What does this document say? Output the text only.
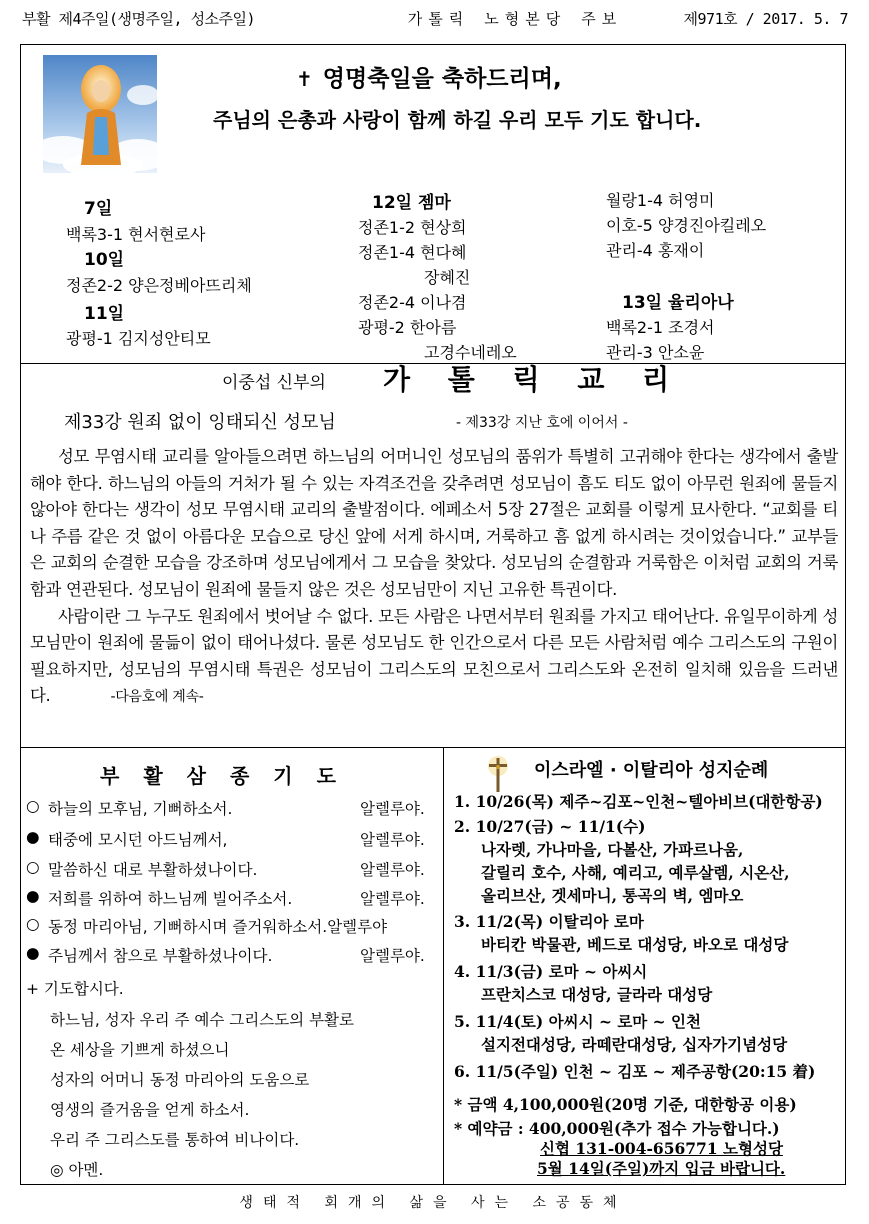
부활 제4주일(생명주일, 성소주일)	가톨릭 노형본당 주보	제971호 / 2017. 5. 7
✝ 영명축일을 축하드리며,
주님의 은총과 사랑이 함께 하길 우리 모두 기도 합니다.
7일
백록3-1 현서현로사
10일
정존2-2 양은정베아뜨리체
11일
광평-1 김지성안티모
12일 젬마
정존1-2 현상희
정존1-4 현다혜
장혜진
정존2-4 이나겸
광평-2 한아름
고경수네레오
월랑1-4 허영미
이호-5 양경진아킬레오
관리-4 홍재이
13일 율리아나
백록2-1 조경서
관리-3 안소윤
이중섭 신부의 가 톨 릭 교 리
제33강 원죄 없이 잉태되신 성모님	- 제33강 지난 호에 이어서 -

성모 무염시태 교리를 알아들으려면 하느님의 어머니인 성모님의 품위가 특별히 고귀해야 한다는 생각에서 출발해야 한다. 하느님의 아들의 거처가 될 수 있는 자격조건을 갖추려면 성모님이 흠도 티도 없이 아무런 원죄에 물들지 않아야 한다는 생각이 성모 무염시태 교리의 출발점이다. 에페소서 5장 27절은 교회를 이렇게 묘사한다. “교회를 티나 주름 같은 것 없이 아름다운 모습으로 당신 앞에 서게 하시며, 거룩하고 흠 없게 하시려는 것이었습니다.” 교부들은 교회의 순결한 모습을 강조하며 성모님에게서 그 모습을 찾았다. 성모님의 순결함과 거룩함은 이처럼 교회의 거룩함과 연관된다. 성모님이 원죄에 물들지 않은 것은 성모님만이 지닌 고유한 특권이다.

사람이란 그 누구도 원죄에서 벗어날 수 없다. 모든 사람은 나면서부터 원죄를 가지고 태어난다. 유일무이하게 성모님만이 원죄에 물듦이 없이 태어나셨다. 물론 성모님도 한 인간으로서 다른 모든 사람처럼 예수 그리스도의 구원이 필요하지만, 성모님의 무염시태 특권은 성모님이 그리스도의 모친으로서 그리스도와 온전히 일치해 있음을 드러낸다.	-다음호에 계속-

부활삼종기도
○ 하늘의 모후님, 기뻐하소서.	알렐루야.
● 태중에 모시던 아드님께서,	알렐루야.
○ 말씀하신 대로 부활하셨나이다.	알렐루야.
● 저희를 위하여 하느님께 빌어주소서.	알렐루야.
○ 동정 마리아님, 기뻐하시며 즐거워하소서. 알렐루야
● 주님께서 참으로 부활하셨나이다.	알렐루야.
+ 기도합시다.
하느님, 성자 우리 주 예수 그리스도의 부활로
온 세상을 기쁘게 하셨으니
성자의 어머니 동정 마리아의 도움으로
영생의 즐거움을 얻게 하소서.
우리 주 그리스도를 통하여 비나이다.
◎ 아멘.
이스라엘 · 이탈리아 성지순례
1. 10/26(목) 제주~김포~인천~텔아비브(대한항공)
2. 10/27(금) ~ 11/1(수)
나자렛, 가나마을, 다볼산, 가파르나움,
갈릴리 호수, 사해, 예리고, 예루살렘, 시온산,
올리브산, 겟세마니, 통곡의 벽, 엠마오
3. 11/2(목) 이탈리아 로마
바티칸 박물관, 베드로 대성당, 바오로 대성당
4. 11/3(금) 로마 ~ 아씨시
프란치스코 대성당, 글라라 대성당
5. 11/4(토) 아씨시 ~ 로마 ~ 인천
설지전대성당, 라떼란대성당, 십자가기념성당
6. 11/5(주일) 인천 ~ 김포 ~ 제주공항(20:15 着)
* 금액 4,100,000원(20명 기준, 대한항공 이용)
* 예약금 : 400,000원(추가 접수 가능합니다.)
신협 131-004-656771 노형성당
5월 14일(주일)까지 입금 바랍니다.
생태적 회개의 삶을 사는 소공동체
